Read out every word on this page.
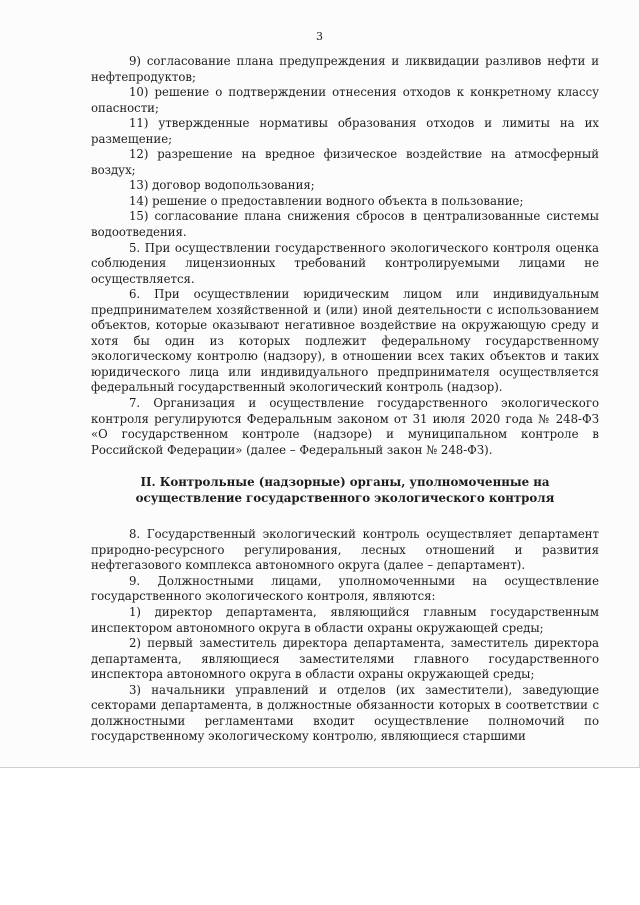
3

9) согласование плана предупреждения и ликвидации разливов нефти и нефтепродуктов;

10) решение о подтверждении отнесения отходов к конкретному классу опасности;

11) утвержденные нормативы образования отходов и лимиты на их размещение;

12) разрешение на вредное физическое воздействие на атмосферный воздух;

13) договор водопользования;

14) решение о предоставлении водного объекта в пользование;

15) согласование плана снижения сбросов в централизованные системы водоотведения.

5. При осуществлении государственного экологического контроля оценка соблюдения лицензионных требований контролируемыми лицами не осуществляется.

6. При осуществлении юридическим лицом или индивидуальным предпринимателем хозяйственной и (или) иной деятельности с использованием объектов, которые оказывают негативное воздействие на окружающую среду и хотя бы один из которых подлежит федеральному государственному экологическому контролю (надзору), в отношении всех таких объектов и таких юридического лица или индивидуального предпринимателя осуществляется федеральный государственный экологический контроль (надзор).

7. Организация и осуществление государственного экологического контроля регулируются Федеральным законом от 31 июля 2020 года № 248-ФЗ «О государственном контроле (надзоре) и муниципальном контроле в Российской Федерации» (далее – Федеральный закон № 248-ФЗ).

II. Контрольные (надзорные) органы, уполномоченные на
осуществление государственного экологического контроля

8. Государственный экологический контроль осуществляет департамент природно-ресурсного регулирования, лесных отношений и развития нефтегазового комплекса автономного округа (далее – департамент).

9. Должностными лицами, уполномоченными на осуществление государственного экологического контроля, являются:

1) директор департамента, являющийся главным государственным инспектором автономного округа в области охраны окружающей среды;

2) первый заместитель директора департамента, заместитель директора департамента, являющиеся заместителями главного государственного инспектора автономного округа в области охраны окружающей среды;

3) начальники управлений и отделов (их заместители), заведующие секторами департамента, в должностные обязанности которых в соответствии с должностными регламентами входит осуществление полномочий по государственному экологическому контролю, являющиеся старшими
